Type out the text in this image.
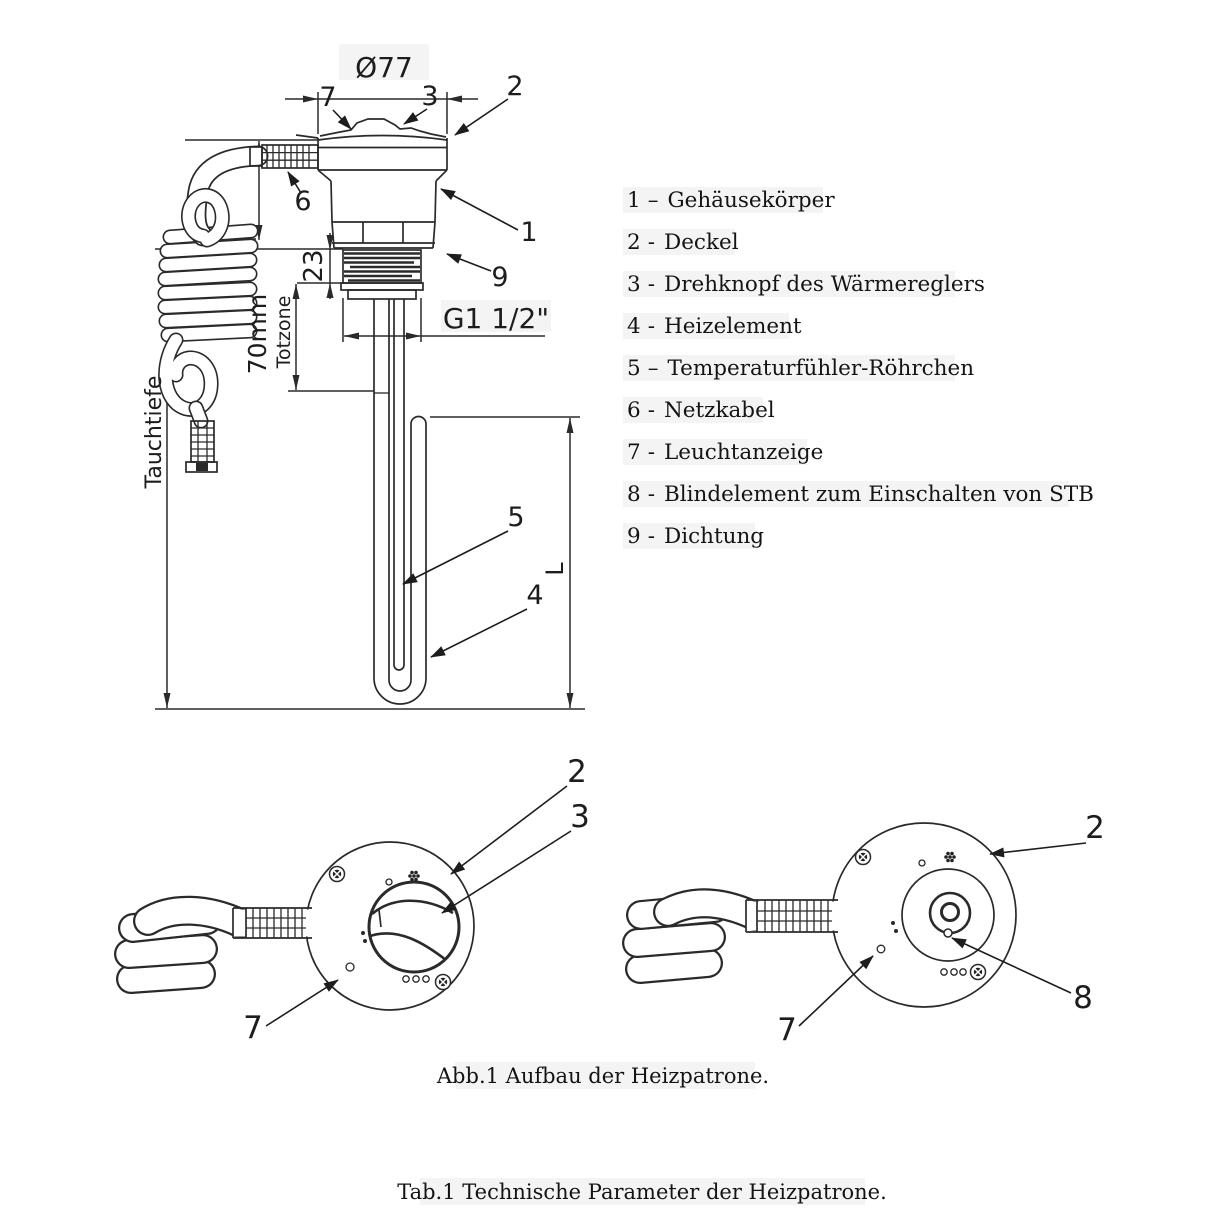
Ø77
23
70mm Totzone
Tauchtiefe
G1 1/2"
L
7	3	2
6
1
9
5
4
1 – Gehäusekörper
2 - Deckel
3 - Drehknopf des Wärmereglers
4 - Heizelement
5 – Temperaturfühler-Röhrchen
6 - Netzkabel
7 - Leuchtanzeige
8 - Blindelement zum Einschalten von STB
9 - Dichtung
2
3
7
2
8
7
Abb.1 Aufbau der Heizpatrone.
Tab.1 Technische Parameter der Heizpatrone.
